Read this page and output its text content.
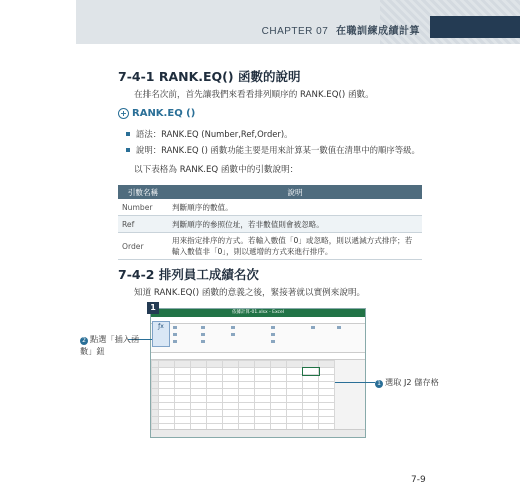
CHAPTER 07 在職訓練成績計算
7-4-1 RANK.EQ() 函數的說明
在排名次前，首先讓我們來看看排列順序的 RANK.EQ() 函數。
+ RANK.EQ ()
語法：RANK.EQ (Number,Ref,Order)。
說明：RANK.EQ () 函數功能主要是用來計算某一數值在清單中的順序等級。
以下表格為 RANK.EQ 函數中的引數說明：
引數名稱	說明
Number	判斷順序的數值。
Ref	判斷順序的參照位址，若非數值則會被忽略。
Order	用來指定排序的方式。若輸入數值「0」或忽略，則以遞減方式排序；若輸入數值非「0」，則以遞增的方式來進行排序。
7-4-2 排列員工成績名次
知道 RANK.EQ() 函數的意義之後，緊接著就以實例來說明。
依據計算-01.xlsx - Excel

ƒx
1
2 點選「插入函數」鈕
1 選取 J2 儲存格
7-9
